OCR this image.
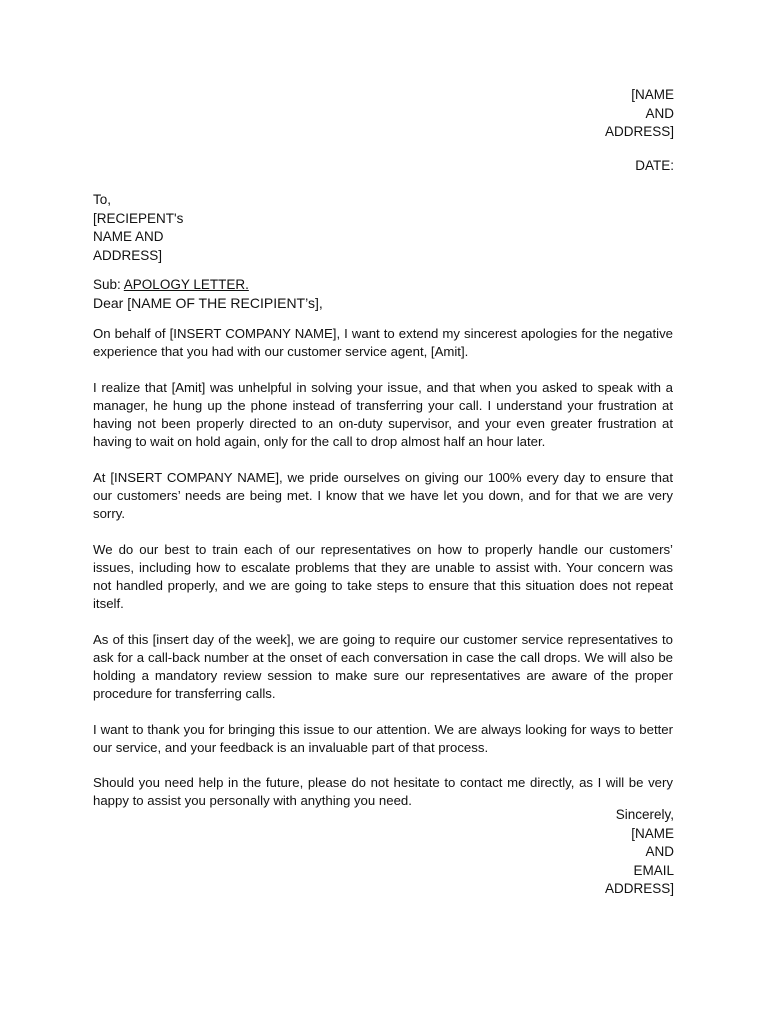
[NAME
AND
ADDRESS]
DATE:
To,
[RECIEPENT's
NAME AND
ADDRESS]
Sub: APOLOGY LETTER.
Dear [NAME OF THE RECIPIENT’s],

On behalf of [INSERT COMPANY NAME], I want to extend my sincerest apologies for the negative experience that you had with our customer service agent, [Amit].

I realize that [Amit] was unhelpful in solving your issue, and that when you asked to speak with a manager, he hung up the phone instead of transferring your call. I understand your frustration at having not been properly directed to an on-duty supervisor, and your even greater frustration at having to wait on hold again, only for the call to drop almost half an hour later.

At [INSERT COMPANY NAME], we pride ourselves on giving our 100% every day to ensure that our customers’ needs are being met. I know that we have let you down, and for that we are very sorry.

We do our best to train each of our representatives on how to properly handle our customers’ issues, including how to escalate problems that they are unable to assist with. Your concern was not handled properly, and we are going to take steps to ensure that this situation does not repeat itself.

As of this [insert day of the week], we are going to require our customer service representatives to ask for a call-back number at the onset of each conversation in case the call drops. We will also be holding a mandatory review session to make sure our representatives are aware of the proper procedure for transferring calls.

I want to thank you for bringing this issue to our attention. We are always looking for ways to better our service, and your feedback is an invaluable part of that process.

Should you need help in the future, please do not hesitate to contact me directly, as I will be very happy to assist you personally with anything you need.

Sincerely,
[NAME
AND
EMAIL
ADDRESS]
